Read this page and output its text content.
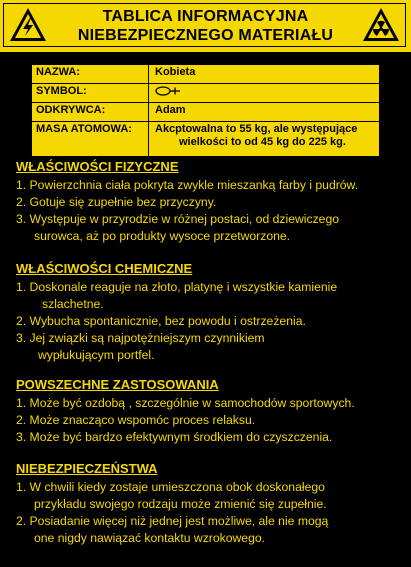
TABLICA INFORMACYJNA
NIEBEZPIECZNEGO MATERIAŁU
NAZWA:	Kobieta
SYMBOL:	
ODKRYWCA:	Adam
MASA ATOMOWA:	Akcptowalna to 55 kg, ale występujące
wielkości to od 45 kg do 225 kg.
WŁAŚCIWOŚCI FIZYCZNE
1. Powierzchnia ciała pokryta zwykle mieszanką farby i pudrów.
2. Gotuje się zupełnie bez przyczyny.
3. Występuje w przyrodzie w różnej postaci, od dziewiczego
surowca, aż po produkty wysoce przetworzone.
WŁAŚCIWOŚCI CHEMICZNE
1. Doskonale reaguje na złoto, platynę i wszystkie kamienie
szlachetne.
2. Wybucha spontanicznie, bez powodu i ostrzeżenia.
3. Jej związki są najpotężniejszym czynnikiem
wypłukującym portfel.
POWSZECHNE ZASTOSOWANIA
1. Może być ozdobą , szczególnie w samochodów sportowych.
2. Może znacząco wspomóc proces relaksu.
3. Może być bardzo efektywnym środkiem do czyszczenia.
NIEBEZPIECZEŃSTWA
1. W chwili kiedy zostaje umieszczona obok doskonałego
przykładu swojego rodzaju może zmienić się zupełnie.
2. Posiadanie więcej niż jednej jest możliwe, ale nie mogą
one nigdy nawiązać kontaktu wzrokowego.
